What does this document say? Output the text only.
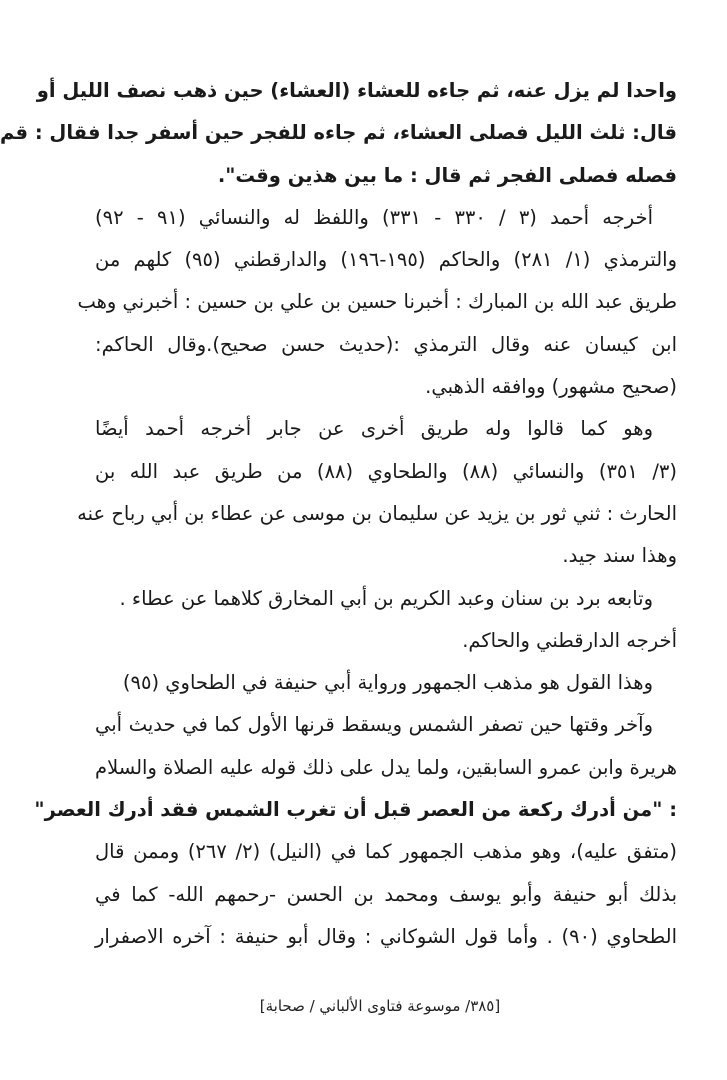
واحدا لم يزل عنه، ثم جاءه للعشاء (العشاء) حين ذهب نصف الليل أو
قال: ثلث الليل فصلى العشاء، ثم جاءه للفجر حين أسفر جدا فقال : قم
فصله فصلى الفجر ثم قال : ما بين هذين وقت".
أخرجه أحمد (٣ / ٣٣٠ - ٣٣١) واللفظ له والنسائي (٩١ - ٩٢)
والترمذي (١/ ٢٨١) والحاكم (١٩٥-١٩٦) والدارقطني (٩٥) كلهم من
طريق عبد الله بن المبارك : أخبرنا حسين بن علي بن حسين : أخبرني وهب
ابن كيسان عنه وقال الترمذي :(حديث حسن صحيح).وقال الحاكم:
(صحيح مشهور) ووافقه الذهبي.
وهو كما قالوا وله طريق أخرى عن جابر أخرجه أحمد أيضًا
(٣/ ٣٥١) والنسائي (٨٨) والطحاوي (٨٨) من طريق عبد الله بن
الحارث : ثني ثور بن يزيد عن سليمان بن موسى عن عطاء بن أبي رباح عنه
وهذا سند جيد.
وتابعه برد بن سنان وعبد الكريم بن أبي المخارق كلاهما عن عطاء .
أخرجه الدارقطني والحاكم.
وهذا القول هو مذهب الجمهور ورواية أبي حنيفة في الطحاوي (٩٥)
وآخر وقتها حين تصفر الشمس ويسقط قرنها الأول كما في حديث أبي
هريرة وابن عمرو السابقين، ولما يدل على ذلك قوله عليه الصلاة والسلام
: "من أدرك ركعة من العصر قبل أن تغرب الشمس فقد أدرك العصر"
(متفق عليه)، وهو مذهب الجمهور كما في (النيل) (٢/ ٢٦٧) وممن قال
بذلك أبو حنيفة وأبو يوسف ومحمد بن الحسن -رحمهم الله- كما في
الطحاوي (٩٠) . وأما قول الشوكاني : وقال أبو حنيفة : آخره الاصفرار
[٣٨٥/ موسوعة فتاوى الألباني / صحابة]
